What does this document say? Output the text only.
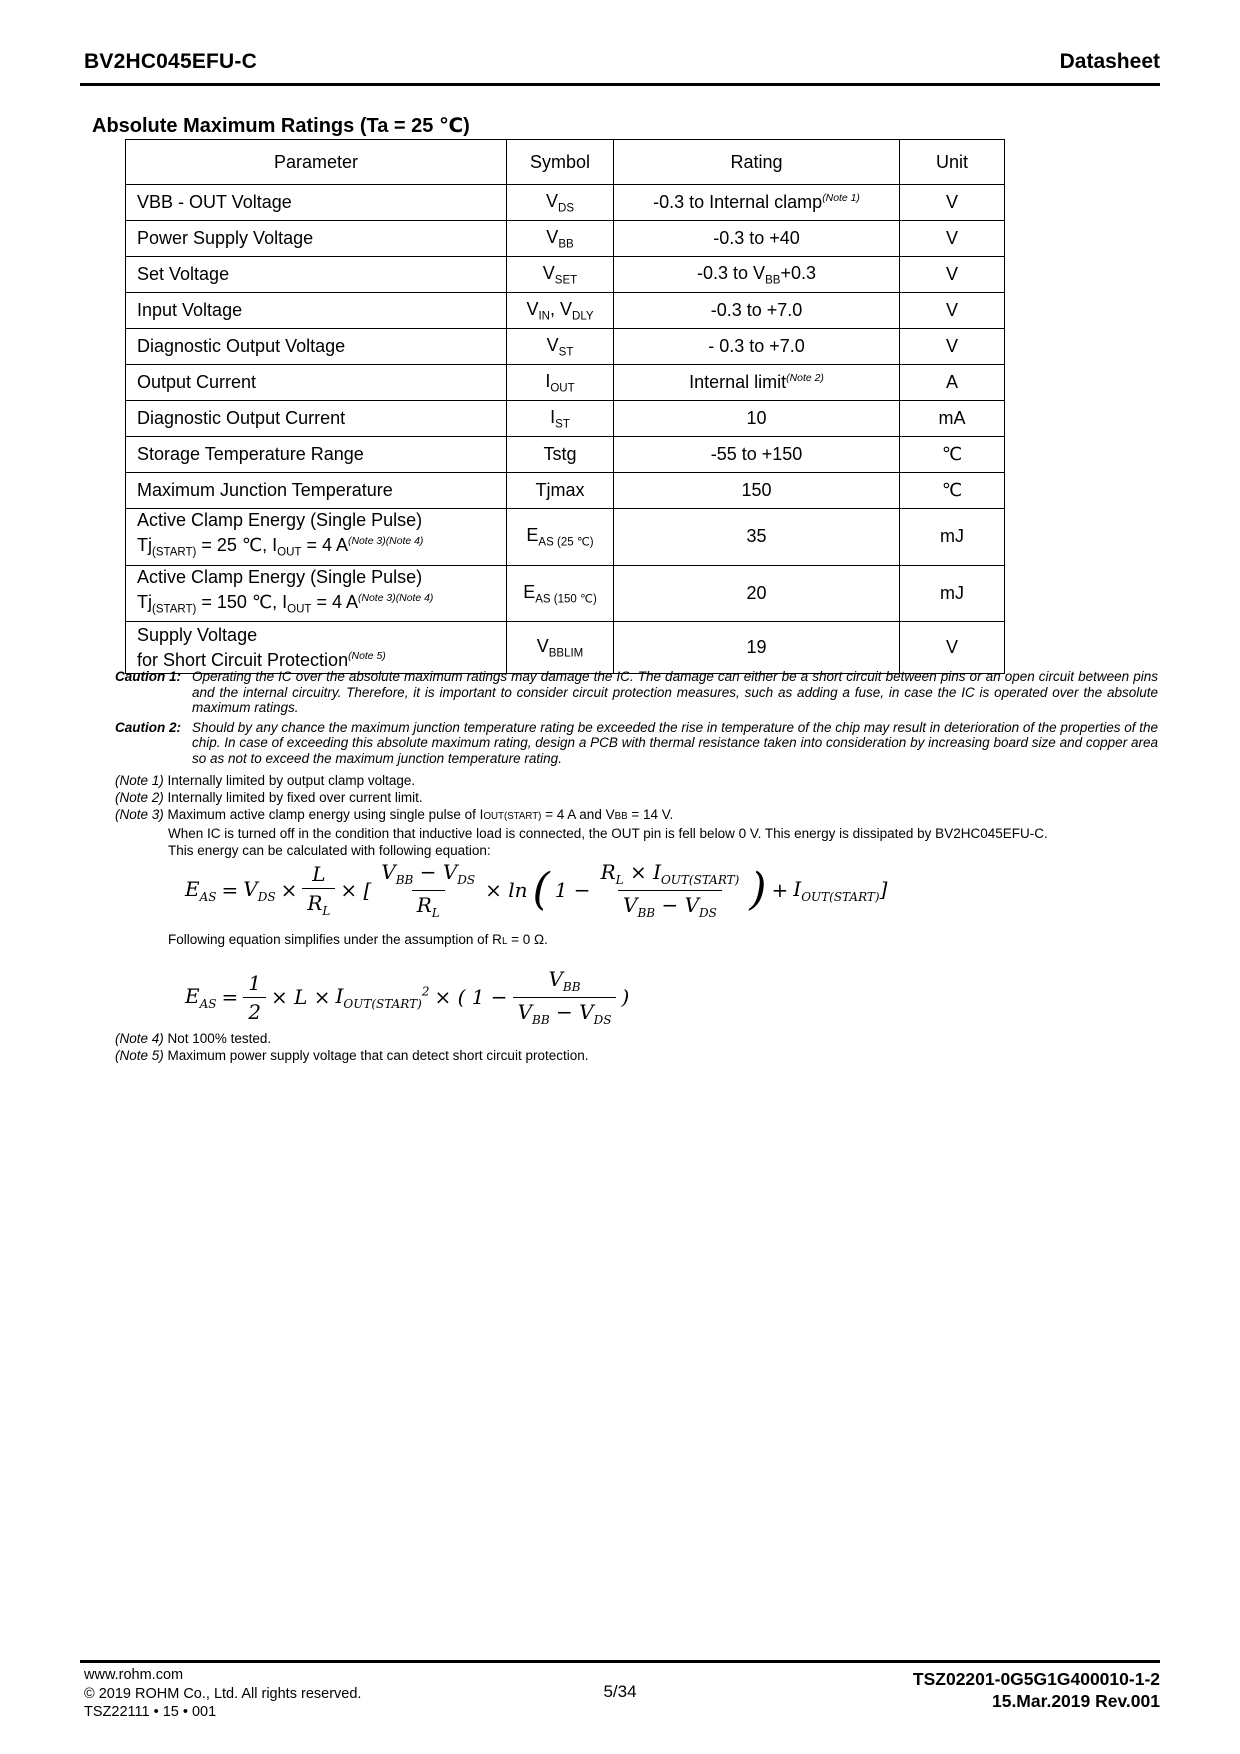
BV2HC045EFU-C	Datasheet
Absolute Maximum Ratings (Ta = 25 ℃)
Parameter	Symbol	Rating	Unit
VBB - OUT Voltage	$V_{DS}$	-0.3 to Internal clamp$^{(Note 1)}$	V
Power Supply Voltage	$V_{BB}$	-0.3 to +40	V
Set Voltage	$V_{SET}$	-0.3 to $V_{BB}+0.3$	V
Input Voltage	$V_{IN}$, $V_{DLY}$	-0.3 to +7.0	V
Diagnostic Output Voltage	$V_{ST}$	- 0.3 to +7.0	V
Output Current	$I_{OUT}$	Internal limit$^{(Note 2)}$	A
Diagnostic Output Current	$I_{ST}$	10	mA
Storage Temperature Range	Tstg	-55 to +150	℃
Maximum Junction Temperature	Tjmax	150	℃
Active Clamp Energy (Single Pulse)
$Tj_{(START)} = 25$ ℃, $I_{OUT} = 4$ $A^{(Note 3)(Note 4)}$	$E_{AS (25 ℃)}$	35	mJ
Active Clamp Energy (Single Pulse)
$Tj_{(START)} = 150$ ℃, $I_{OUT} = 4$ $A^{(Note 3)(Note 4)}$	$E_{AS (150 ℃)}$	20	mJ
Supply Voltage
for Short Circuit Protection$^{(Note 5)}$	$V_{BBLIM}$	19	V
Caution 1: Operating the IC over the absolute maximum ratings may damage the IC. The damage can either be a short circuit between pins or an open circuit between pins and the internal circuitry. Therefore, it is important to consider circuit protection measures, such as adding a fuse, in case the IC is operated over the absolute maximum ratings.
Caution 2: Should by any chance the maximum junction temperature rating be exceeded the rise in temperature of the chip may result in deterioration of the properties of the chip. In case of exceeding this absolute maximum rating, design a PCB with thermal resistance taken into consideration by increasing board size and copper area so as not to exceed the maximum junction temperature rating.
(Note 1) Internally limited by output clamp voltage.
(Note 2) Internally limited by fixed over current limit.
(Note 3) Maximum active clamp energy using single pulse of IOUT(START) = 4 A and VBB = 14 V.
When IC is turned off in the condition that inductive load is connected, the OUT pin is fell below 0 V. This energy is dissipated by BV2HC045EFU-C.
This energy can be calculated with following equation:
$E_{AS} = V_{DS} \times \frac{L}{R_L}$ × [ $\frac{V_{BB} - V_{DS}}{R_L} \times \ln$ ( $1 - \frac{R_L \times I_{OUT(START)}}{V_{BB} - V_{DS}}$ ) + $I_{OUT(START)}$]
Following equation simplifies under the assumption of RL = 0 Ω.
$E_{AS} = \frac{1}{2} \times L \times I_{OUT(START)}^2$ × ( $1 - \frac{V_{BB}}{V_{BB} - V_{DS}}$ )
(Note 4) Not 100% tested.
(Note 5) Maximum power supply voltage that can detect short circuit protection.
www.rohm.com
© 2019 ROHM Co., Ltd. All rights reserved.
TSZ22111 • 15 • 001
5/34
TSZ02201-0G5G1G400010-1-2
15.Mar.2019 Rev.001
